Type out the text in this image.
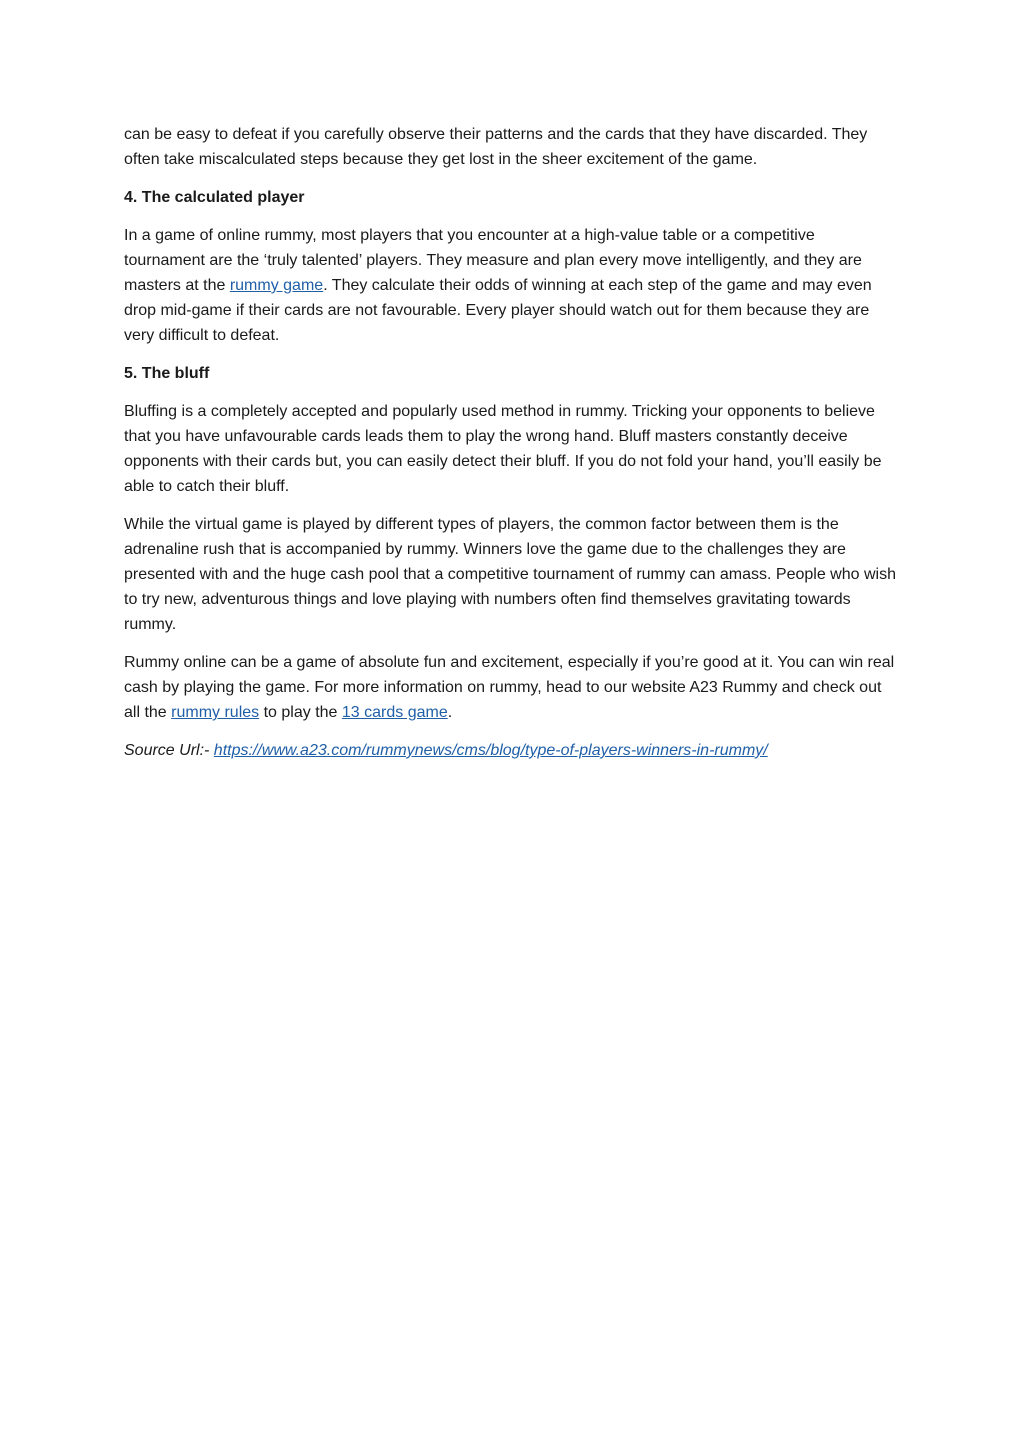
can be easy to defeat if you carefully observe their patterns and the cards that they have discarded. They often take miscalculated steps because they get lost in the sheer excitement of the game.

4. The calculated player

In a game of online rummy, most players that you encounter at a high-value table or a competitive tournament are the ‘truly talented’ players. They measure and plan every move intelligently, and they are masters at the rummy game. They calculate their odds of winning at each step of the game and may even drop mid-game if their cards are not favourable. Every player should watch out for them because they are very difficult to defeat.

5. The bluff

Bluffing is a completely accepted and popularly used method in rummy. Tricking your opponents to believe that you have unfavourable cards leads them to play the wrong hand. Bluff masters constantly deceive opponents with their cards but, you can easily detect their bluff. If you do not fold your hand, you’ll easily be able to catch their bluff.

While the virtual game is played by different types of players, the common factor between them is the adrenaline rush that is accompanied by rummy. Winners love the game due to the challenges they are presented with and the huge cash pool that a competitive tournament of rummy can amass. People who wish to try new, adventurous things and love playing with numbers often find themselves gravitating towards rummy.

Rummy online can be a game of absolute fun and excitement, especially if you’re good at it. You can win real cash by playing the game. For more information on rummy, head to our website A23 Rummy and check out all the rummy rules to play the 13 cards game.

Source Url:- https://www.a23.com/rummynews/cms/blog/type-of-players-winners-in-rummy/
